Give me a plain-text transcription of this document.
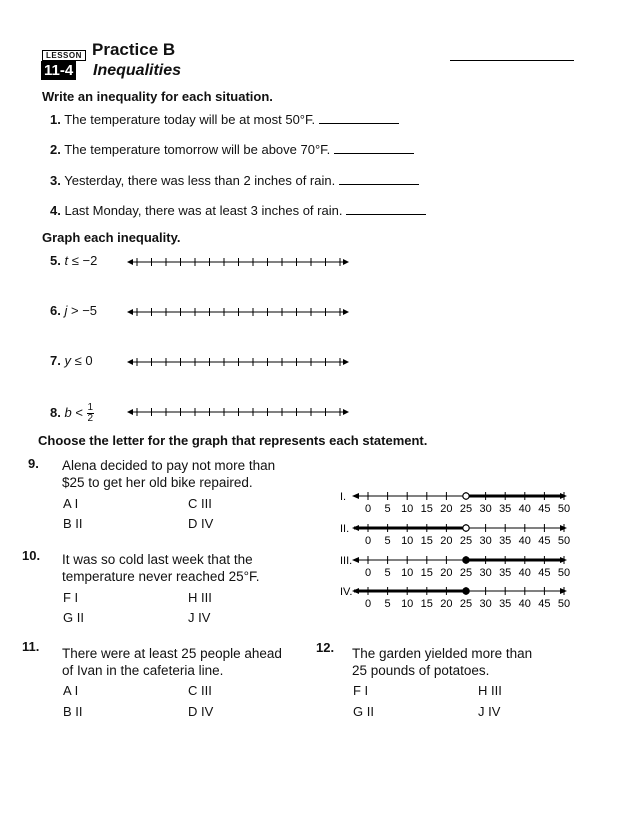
LESSON Practice B
11-4 Inequalities
Write an inequality for each situation.
1. The temperature today will be at most 50°F.
2. The temperature tomorrow will be above 70°F.
3. Yesterday, there was less than 2 inches of rain.
4. Last Monday, there was at least 3 inches of rain.
Graph each inequality.
5. t ≤ −2
6. j > −5
7. y ≤ 0
8. $b < \frac{1}{2}$
Choose the letter for the graph that represents each statement.
9. Alena decided to pay not more than
$25 to get her old bike repaired.
A I	C III
B II	D IV
10. It was so cold last week that the
temperature never reached 25°F.
F I	H III
G II	J IV
11. There were at least 25 people ahead
of Ivan in the cafeteria line.
A I	C III
B II	D IV
12. The garden yielded more than
25 pounds of potatoes.
F I	H III
G II	J IV
I.
0 5 10 15 20 25 30 35 40 45 50
II.
0 5 10 15 20 25 30 35 40 45 50
III.
0 5 10 15 20 25 30 35 40 45 50
IV.
0 5 10 15 20 25 30 35 40 45 50
